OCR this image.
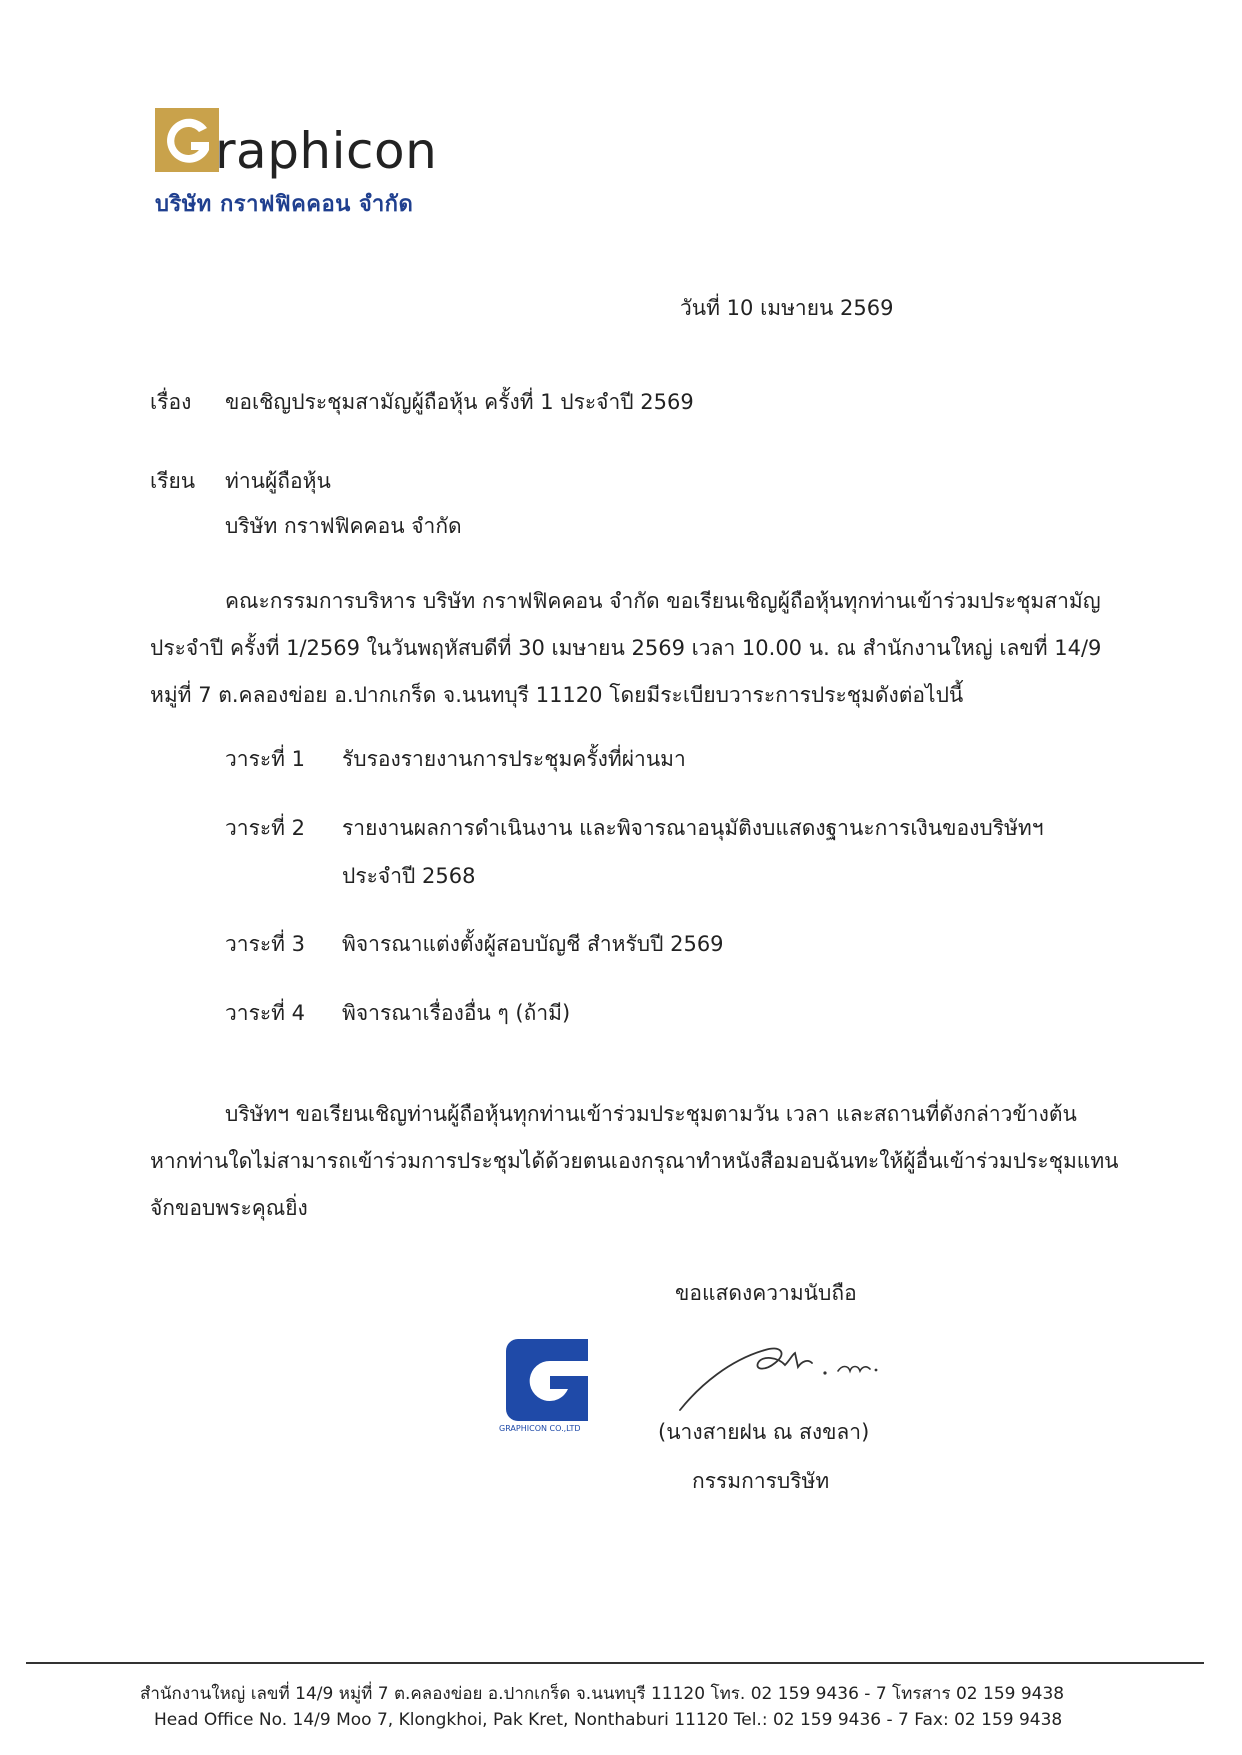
raphicon
บริษัท กราฟฟิคคอน จำกัด
วันที่ 10 เมษายน 2569
เรื่อง ขอเชิญประชุมสามัญผู้ถือหุ้น ครั้งที่ 1 ประจำปี 2569
เรียน ท่านผู้ถือหุ้น
บริษัท กราฟฟิคคอน จำกัด
คณะกรรมการบริหาร บริษัท กราฟฟิคคอน จำกัด ขอเรียนเชิญผู้ถือหุ้นทุกท่านเข้าร่วมประชุมสามัญ
ประจำปี ครั้งที่ 1/2569 ในวันพฤหัสบดีที่ 30 เมษายน 2569 เวลา 10.00 น. ณ สำนักงานใหญ่ เลขที่ 14/9
หมู่ที่ 7 ต.คลองข่อย อ.ปากเกร็ด จ.นนทบุรี 11120 โดยมีระเบียบวาระการประชุมดังต่อไปนี้
วาระที่ 1 รับรองรายงานการประชุมครั้งที่ผ่านมา
วาระที่ 2 รายงานผลการดำเนินงาน และพิจารณาอนุมัติงบแสดงฐานะการเงินของบริษัทฯ
ประจำปี 2568
วาระที่ 3 พิจารณาแต่งตั้งผู้สอบบัญชี สำหรับปี 2569
วาระที่ 4 พิจารณาเรื่องอื่น ๆ (ถ้ามี)
บริษัทฯ ขอเรียนเชิญท่านผู้ถือหุ้นทุกท่านเข้าร่วมประชุมตามวัน เวลา และสถานที่ดังกล่าวข้างต้น
หากท่านใดไม่สามารถเข้าร่วมการประชุมได้ด้วยตนเองกรุณาทำหนังสือมอบฉันทะให้ผู้อื่นเข้าร่วมประชุมแทน
จักขอบพระคุณยิ่ง
ขอแสดงความนับถือ
GRAPHICON CO.,LTD	(นางสายฝน ณ สงขลา)
กรรมการบริษัท
สำนักงานใหญ่ เลขที่ 14/9 หมู่ที่ 7 ต.คลองข่อย อ.ปากเกร็ด จ.นนทบุรี 11120 โทร. 02 159 9436 - 7 โทรสาร 02 159 9438
Head Office No. 14/9 Moo 7, Klongkhoi, Pak Kret, Nonthaburi 11120 Tel.: 02 159 9436 - 7 Fax: 02 159 9438
